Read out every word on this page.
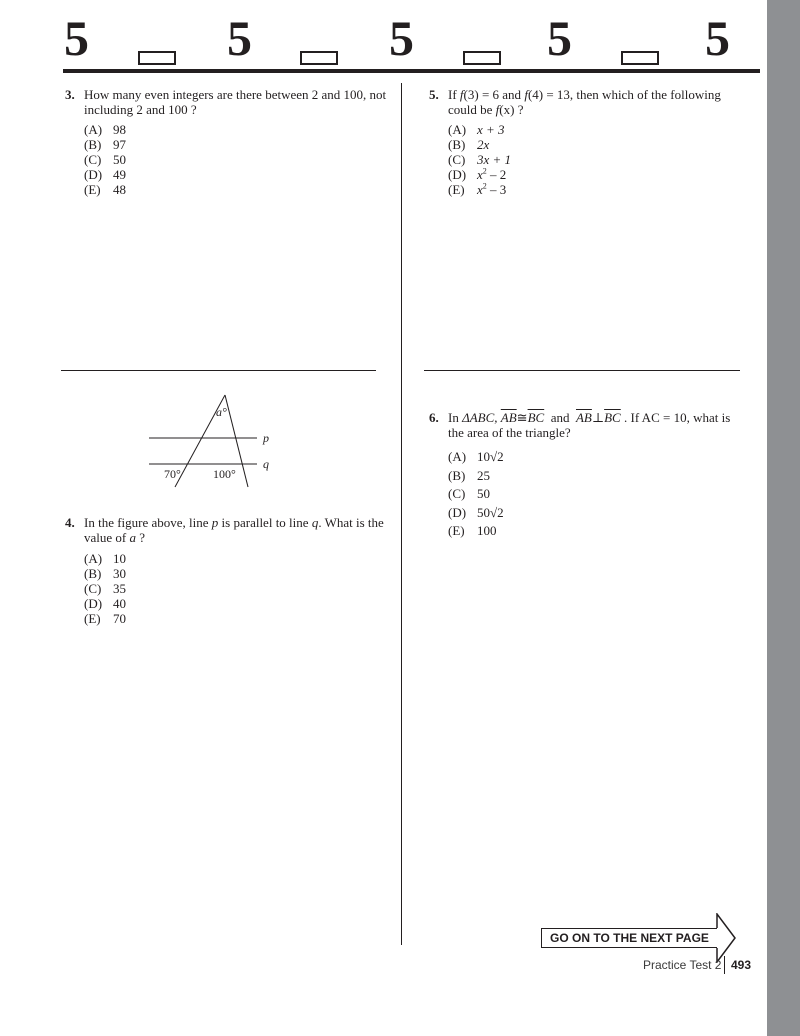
5	5	5	5	5
3. How many even integers are there between 2 and 100, not
including 2 and 100 ?
(A) 98
(B) 97
(C) 50
(D) 49
(E) 48
a°
70°	100°
p
q
4. In the figure above, line p is parallel to line q. What is the
value of a ?
(A) 10
(B) 30
(C) 35
(D) 40
(E) 70
5. If f(3) = 6 and f(4) = 13, then which of the following
could be f(x) ?
(A) x + 3
(B) 2x
(C) 3x + 1
(D) $x^2 - 2$
(E) $x^2 - 3$
6. In ΔABC, $\overline{AB}≅\overline{BC}$ and $\overline{AB}\perp\overline{BC}$ . If AC = 10, what is
the area of the triangle?
(A) 10√2
(B) 25
(C) 50
(D) 50√2
(E) 100
GO ON TO THE NEXT PAGE
Practice Test 2 493
